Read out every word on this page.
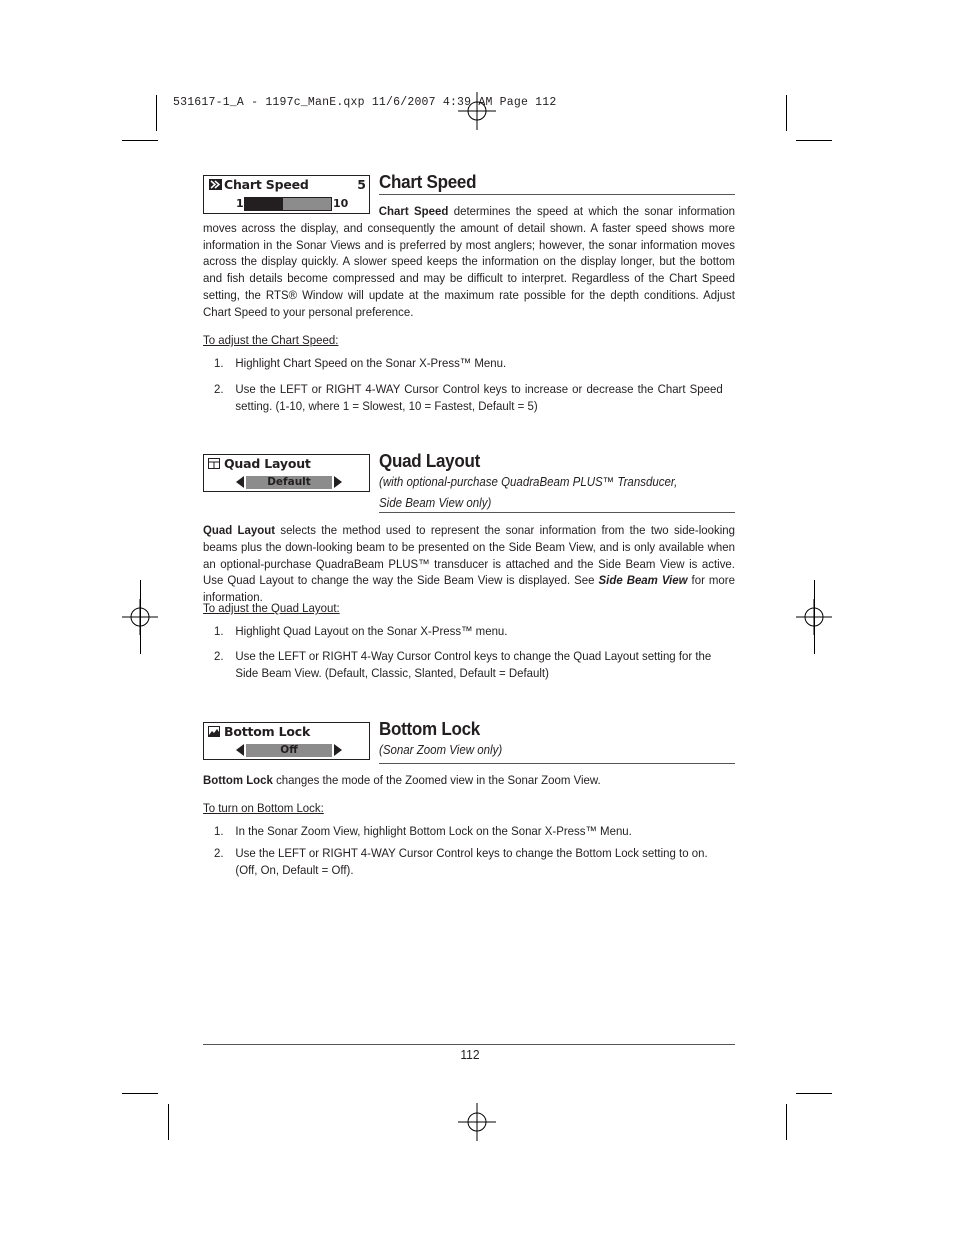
531617-1_A - 1197c_ManE.qxp 11/6/2007 4:39 AM Page 112
Chart Speed	5
1	10
Chart Speed
Chart Speed determines the speed at which the sonar information moves across the display, and consequently the amount of detail shown. A faster speed shows more information in the Sonar Views and is preferred by most anglers; however, the sonar information moves across the display quickly. A slower speed keeps the information on the display longer, but the bottom and fish details become compressed and may be difficult to interpret. Regardless of the Chart Speed setting, the RTS® Window will update at the maximum rate possible for the depth conditions. Adjust Chart Speed to your personal preference.
To adjust the Chart Speed:
1. Highlight Chart Speed on the Sonar X-Press™ Menu.
2. Use the LEFT or RIGHT 4-WAY Cursor Control keys to increase or decrease the Chart Speed setting. (1-10, where 1 = Slowest, 10 = Fastest, Default = 5)
Quad Layout
Default
Quad Layout
(with optional-purchase QuadraBeam PLUS™ Transducer,
Side Beam View only)
Quad Layout selects the method used to represent the sonar information from the two side-looking beams plus the down-looking beam to be presented on the Side Beam View, and is only available when an optional-purchase QuadraBeam PLUS™ transducer is attached and the Side Beam View is active. Use Quad Layout to change the way the Side Beam View is displayed. See Side Beam View for more information.
To adjust the Quad Layout:
1. Highlight Quad Layout on the Sonar X-Press™ menu.
2. Use the LEFT or RIGHT 4-Way Cursor Control keys to change the Quad Layout setting for the Side Beam View. (Default, Classic, Slanted, Default = Default)
Bottom Lock
Off
Bottom Lock
(Sonar Zoom View only)
Bottom Lock changes the mode of the Zoomed view in the Sonar Zoom View.
To turn on Bottom Lock:
1. In the Sonar Zoom View, highlight Bottom Lock on the Sonar X-Press™ Menu.
2. Use the LEFT or RIGHT 4-WAY Cursor Control keys to change the Bottom Lock setting to on. (Off, On, Default = Off).
112
